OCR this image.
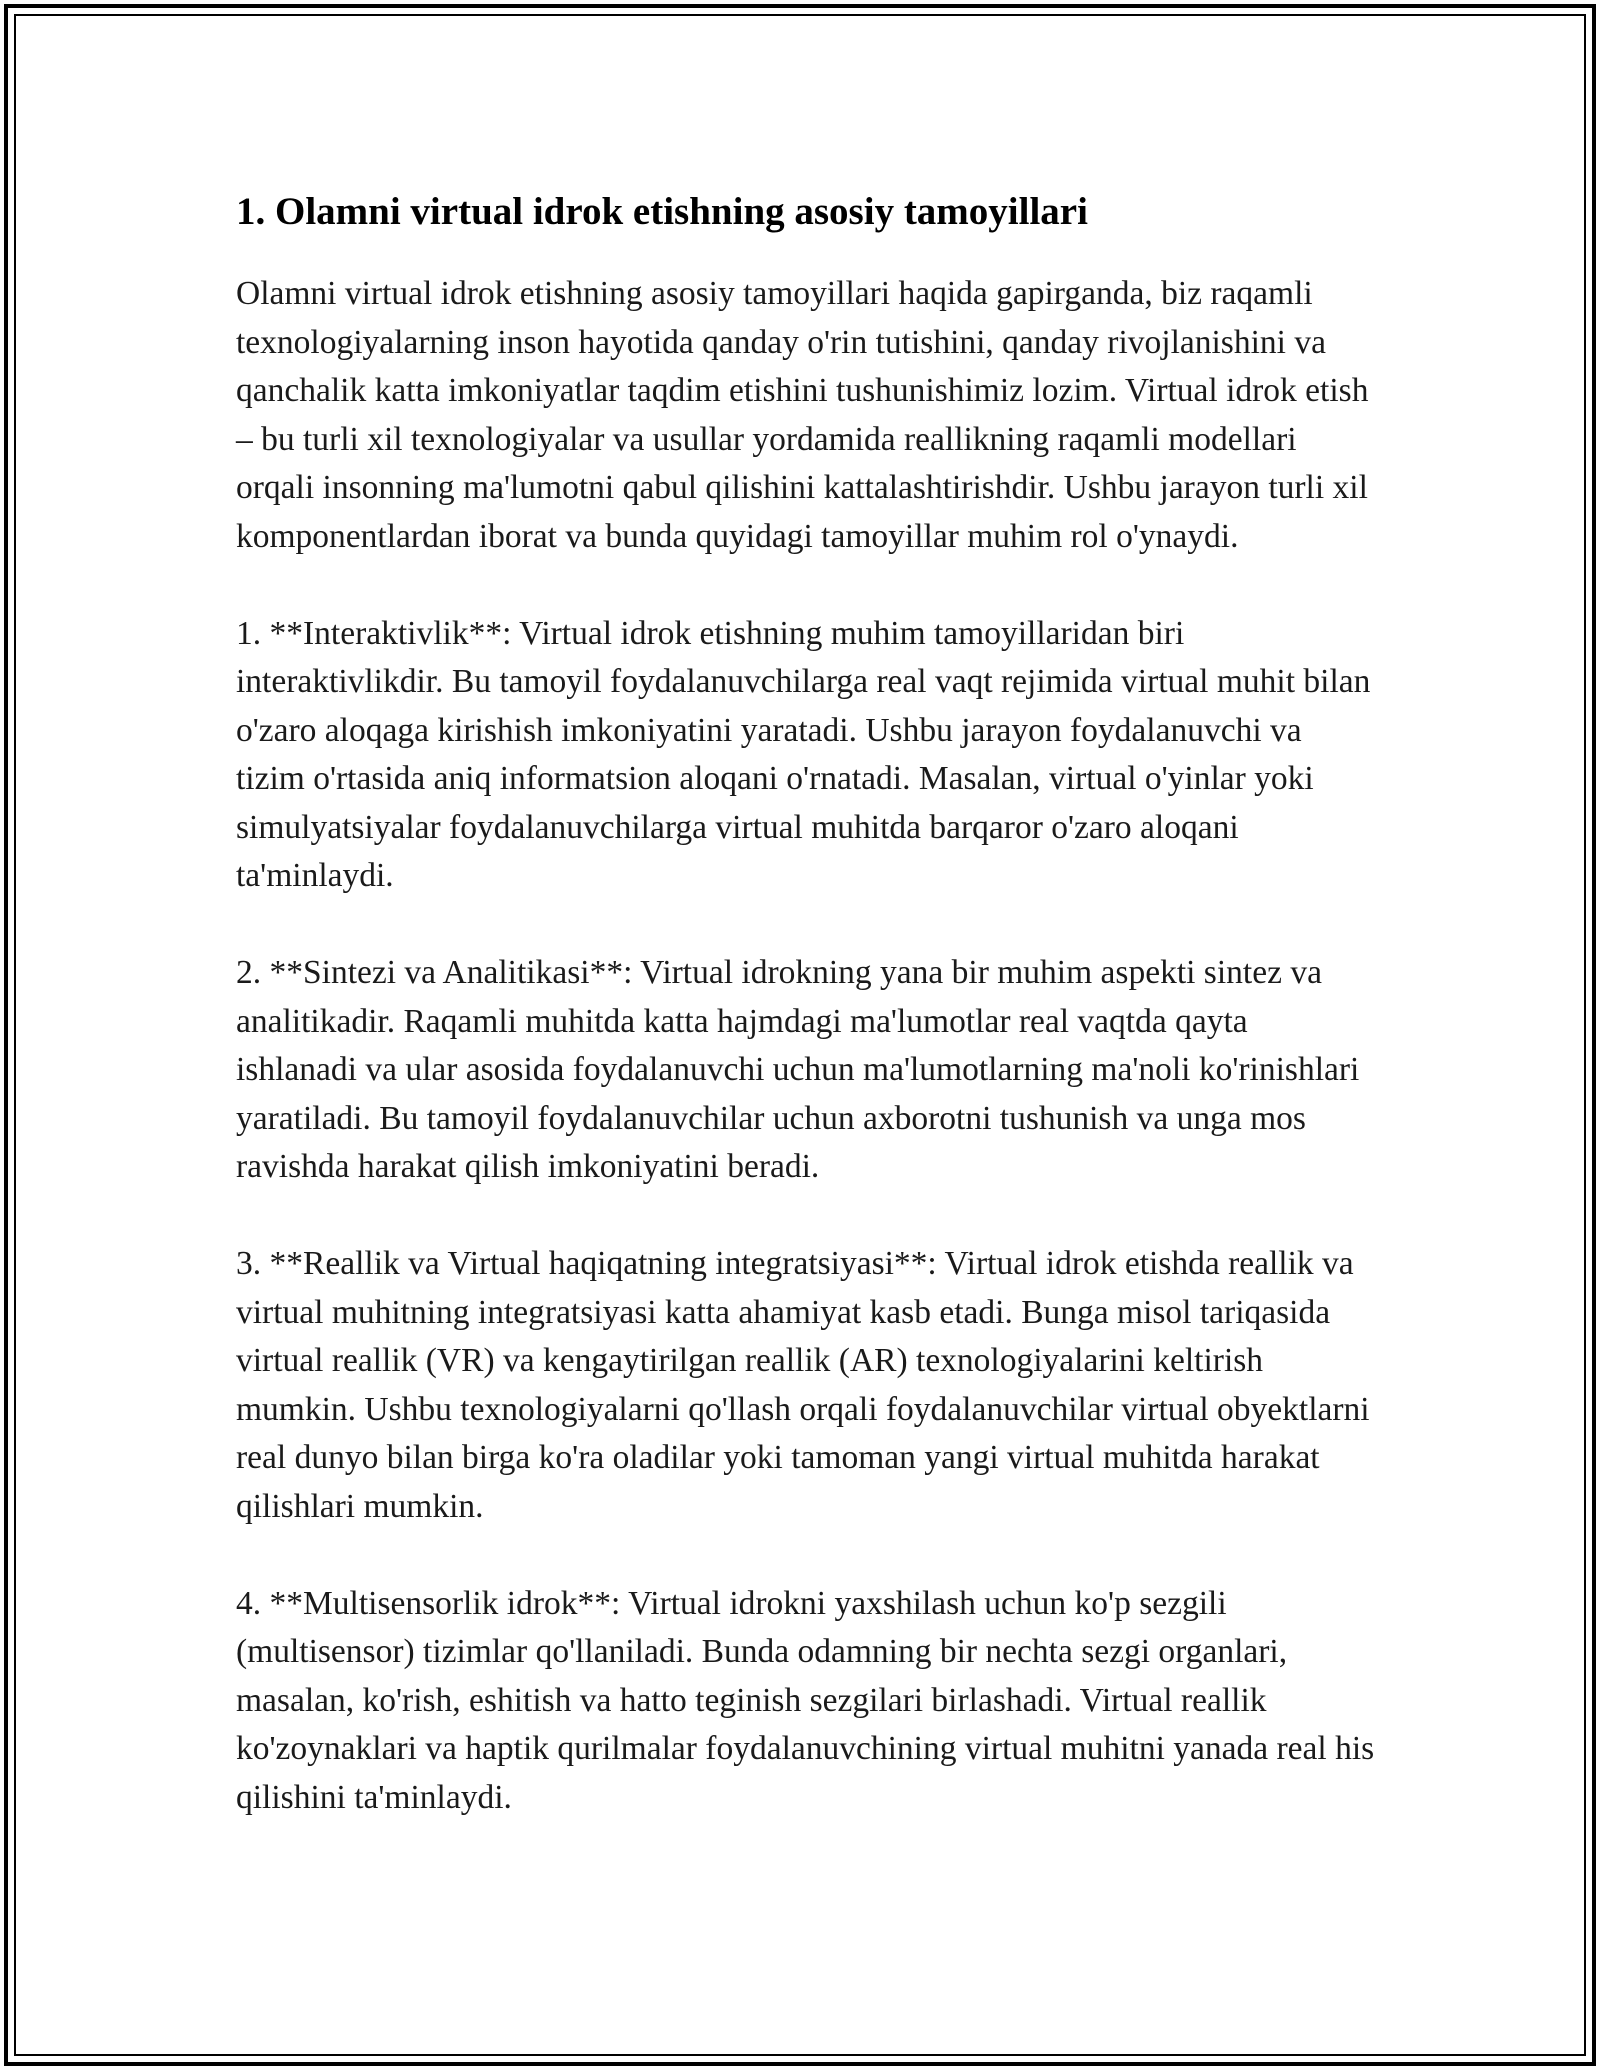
1. Olamni virtual idrok etishning asosiy tamoyillari

Olamni virtual idrok etishning asosiy tamoyillari haqida gapirganda, biz raqamli texnologiyalarning inson hayotida qanday o'rin tutishini, qanday rivojlanishini va qanchalik katta imkoniyatlar taqdim etishini tushunishimiz lozim. Virtual idrok etish – bu turli xil texnologiyalar va usullar yordamida reallikning raqamli modellari orqali insonning ma'lumotni qabul qilishini kattalashtirishdir. Ushbu jarayon turli xil komponentlardan iborat va bunda quyidagi tamoyillar muhim rol o'ynaydi.

1. **Interaktivlik**: Virtual idrok etishning muhim tamoyillaridan biri interaktivlikdir. Bu tamoyil foydalanuvchilarga real vaqt rejimida virtual muhit bilan o'zaro aloqaga kirishish imkoniyatini yaratadi. Ushbu jarayon foydalanuvchi va tizim o'rtasida aniq informatsion aloqani o'rnatadi. Masalan, virtual o'yinlar yoki simulyatsiyalar foydalanuvchilarga virtual muhitda barqaror o'zaro aloqani ta'minlaydi.

2. **Sintezi va Analitikasi**: Virtual idrokning yana bir muhim aspekti sintez va analitikadir. Raqamli muhitda katta hajmdagi ma'lumotlar real vaqtda qayta ishlanadi va ular asosida foydalanuvchi uchun ma'lumotlarning ma'noli ko'rinishlari yaratiladi. Bu tamoyil foydalanuvchilar uchun axborotni tushunish va unga mos ravishda harakat qilish imkoniyatini beradi.

3. **Reallik va Virtual haqiqatning integratsiyasi**: Virtual idrok etishda reallik va virtual muhitning integratsiyasi katta ahamiyat kasb etadi. Bunga misol tariqasida virtual reallik (VR) va kengaytirilgan reallik (AR) texnologiyalarini keltirish mumkin. Ushbu texnologiyalarni qo'llash orqali foydalanuvchilar virtual obyektlarni real dunyo bilan birga ko'ra oladilar yoki tamoman yangi virtual muhitda harakat qilishlari mumkin.

4. **Multisensorlik idrok**: Virtual idrokni yaxshilash uchun ko'p sezgili (multisensor) tizimlar qo'llaniladi. Bunda odamning bir nechta sezgi organlari, masalan, ko'rish, eshitish va hatto teginish sezgilari birlashadi. Virtual reallik ko'zoynaklari va haptik qurilmalar foydalanuvchining virtual muhitni yanada real his qilishini ta'minlaydi.
